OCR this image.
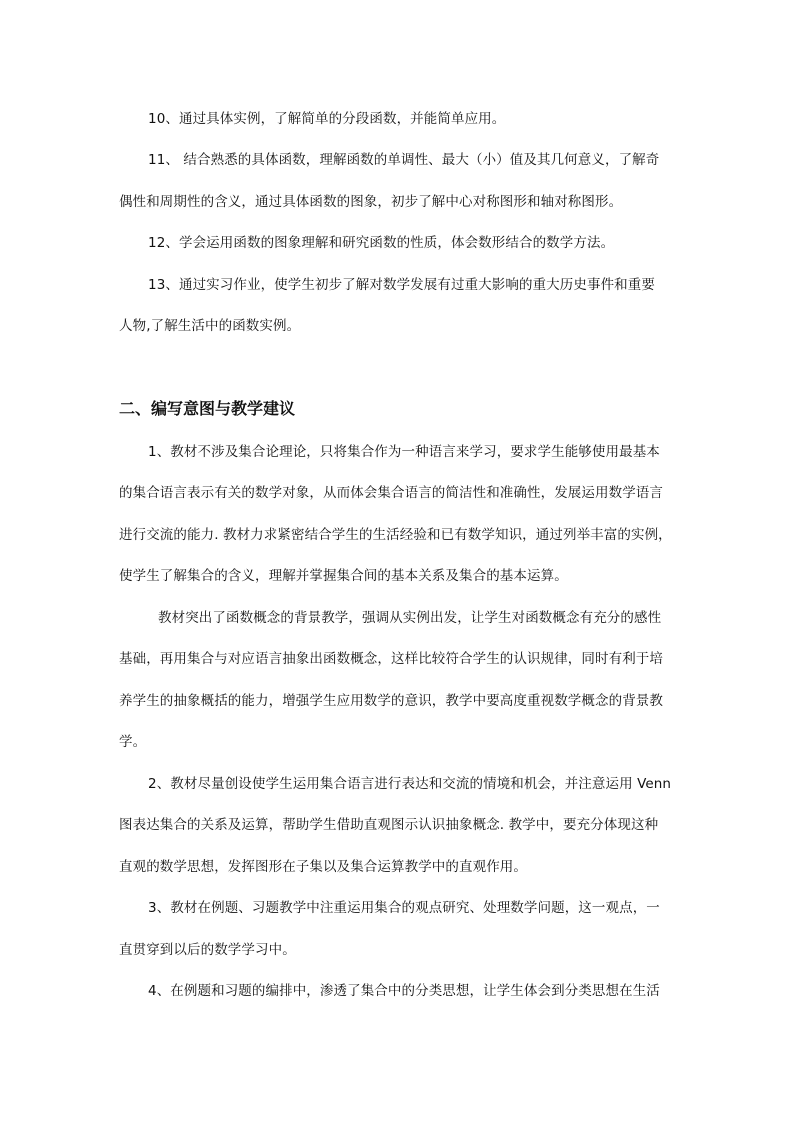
10、通过具体实例，了解简单的分段函数，并能简单应用。

11、 结合熟悉的具体函数，理解函数的单调性、最大（小）值及其几何意义，了解奇

偶性和周期性的含义，通过具体函数的图象，初步了解中心对称图形和轴对称图形。

12、学会运用函数的图象理解和研究函数的性质，体会数形结合的数学方法。

13、通过实习作业，使学生初步了解对数学发展有过重大影响的重大历史事件和重要

人物,了解生活中的函数实例。

二、编写意图与教学建议

1、教材不涉及集合论理论，只将集合作为一种语言来学习，要求学生能够使用最基本

的集合语言表示有关的数学对象，从而体会集合语言的简洁性和准确性，发展运用数学语言

进行交流的能力. 教材力求紧密结合学生的生活经验和已有数学知识，通过列举丰富的实例，

使学生了解集合的含义，理解并掌握集合间的基本关系及集合的基本运算。

教材突出了函数概念的背景教学，强调从实例出发，让学生对函数概念有充分的感性

基础，再用集合与对应语言抽象出函数概念，这样比较符合学生的认识规律，同时有利于培

养学生的抽象概括的能力，增强学生应用数学的意识，教学中要高度重视数学概念的背景教

学。

2、教材尽量创设使学生运用集合语言进行表达和交流的情境和机会，并注意运用 Venn

图表达集合的关系及运算，帮助学生借助直观图示认识抽象概念. 教学中，要充分体现这种

直观的数学思想，发挥图形在子集以及集合运算教学中的直观作用。

3、教材在例题、习题教学中注重运用集合的观点研究、处理数学问题，这一观点，一

直贯穿到以后的数学学习中。

4、在例题和习题的编排中，渗透了集合中的分类思想，让学生体会到分类思想在生活
